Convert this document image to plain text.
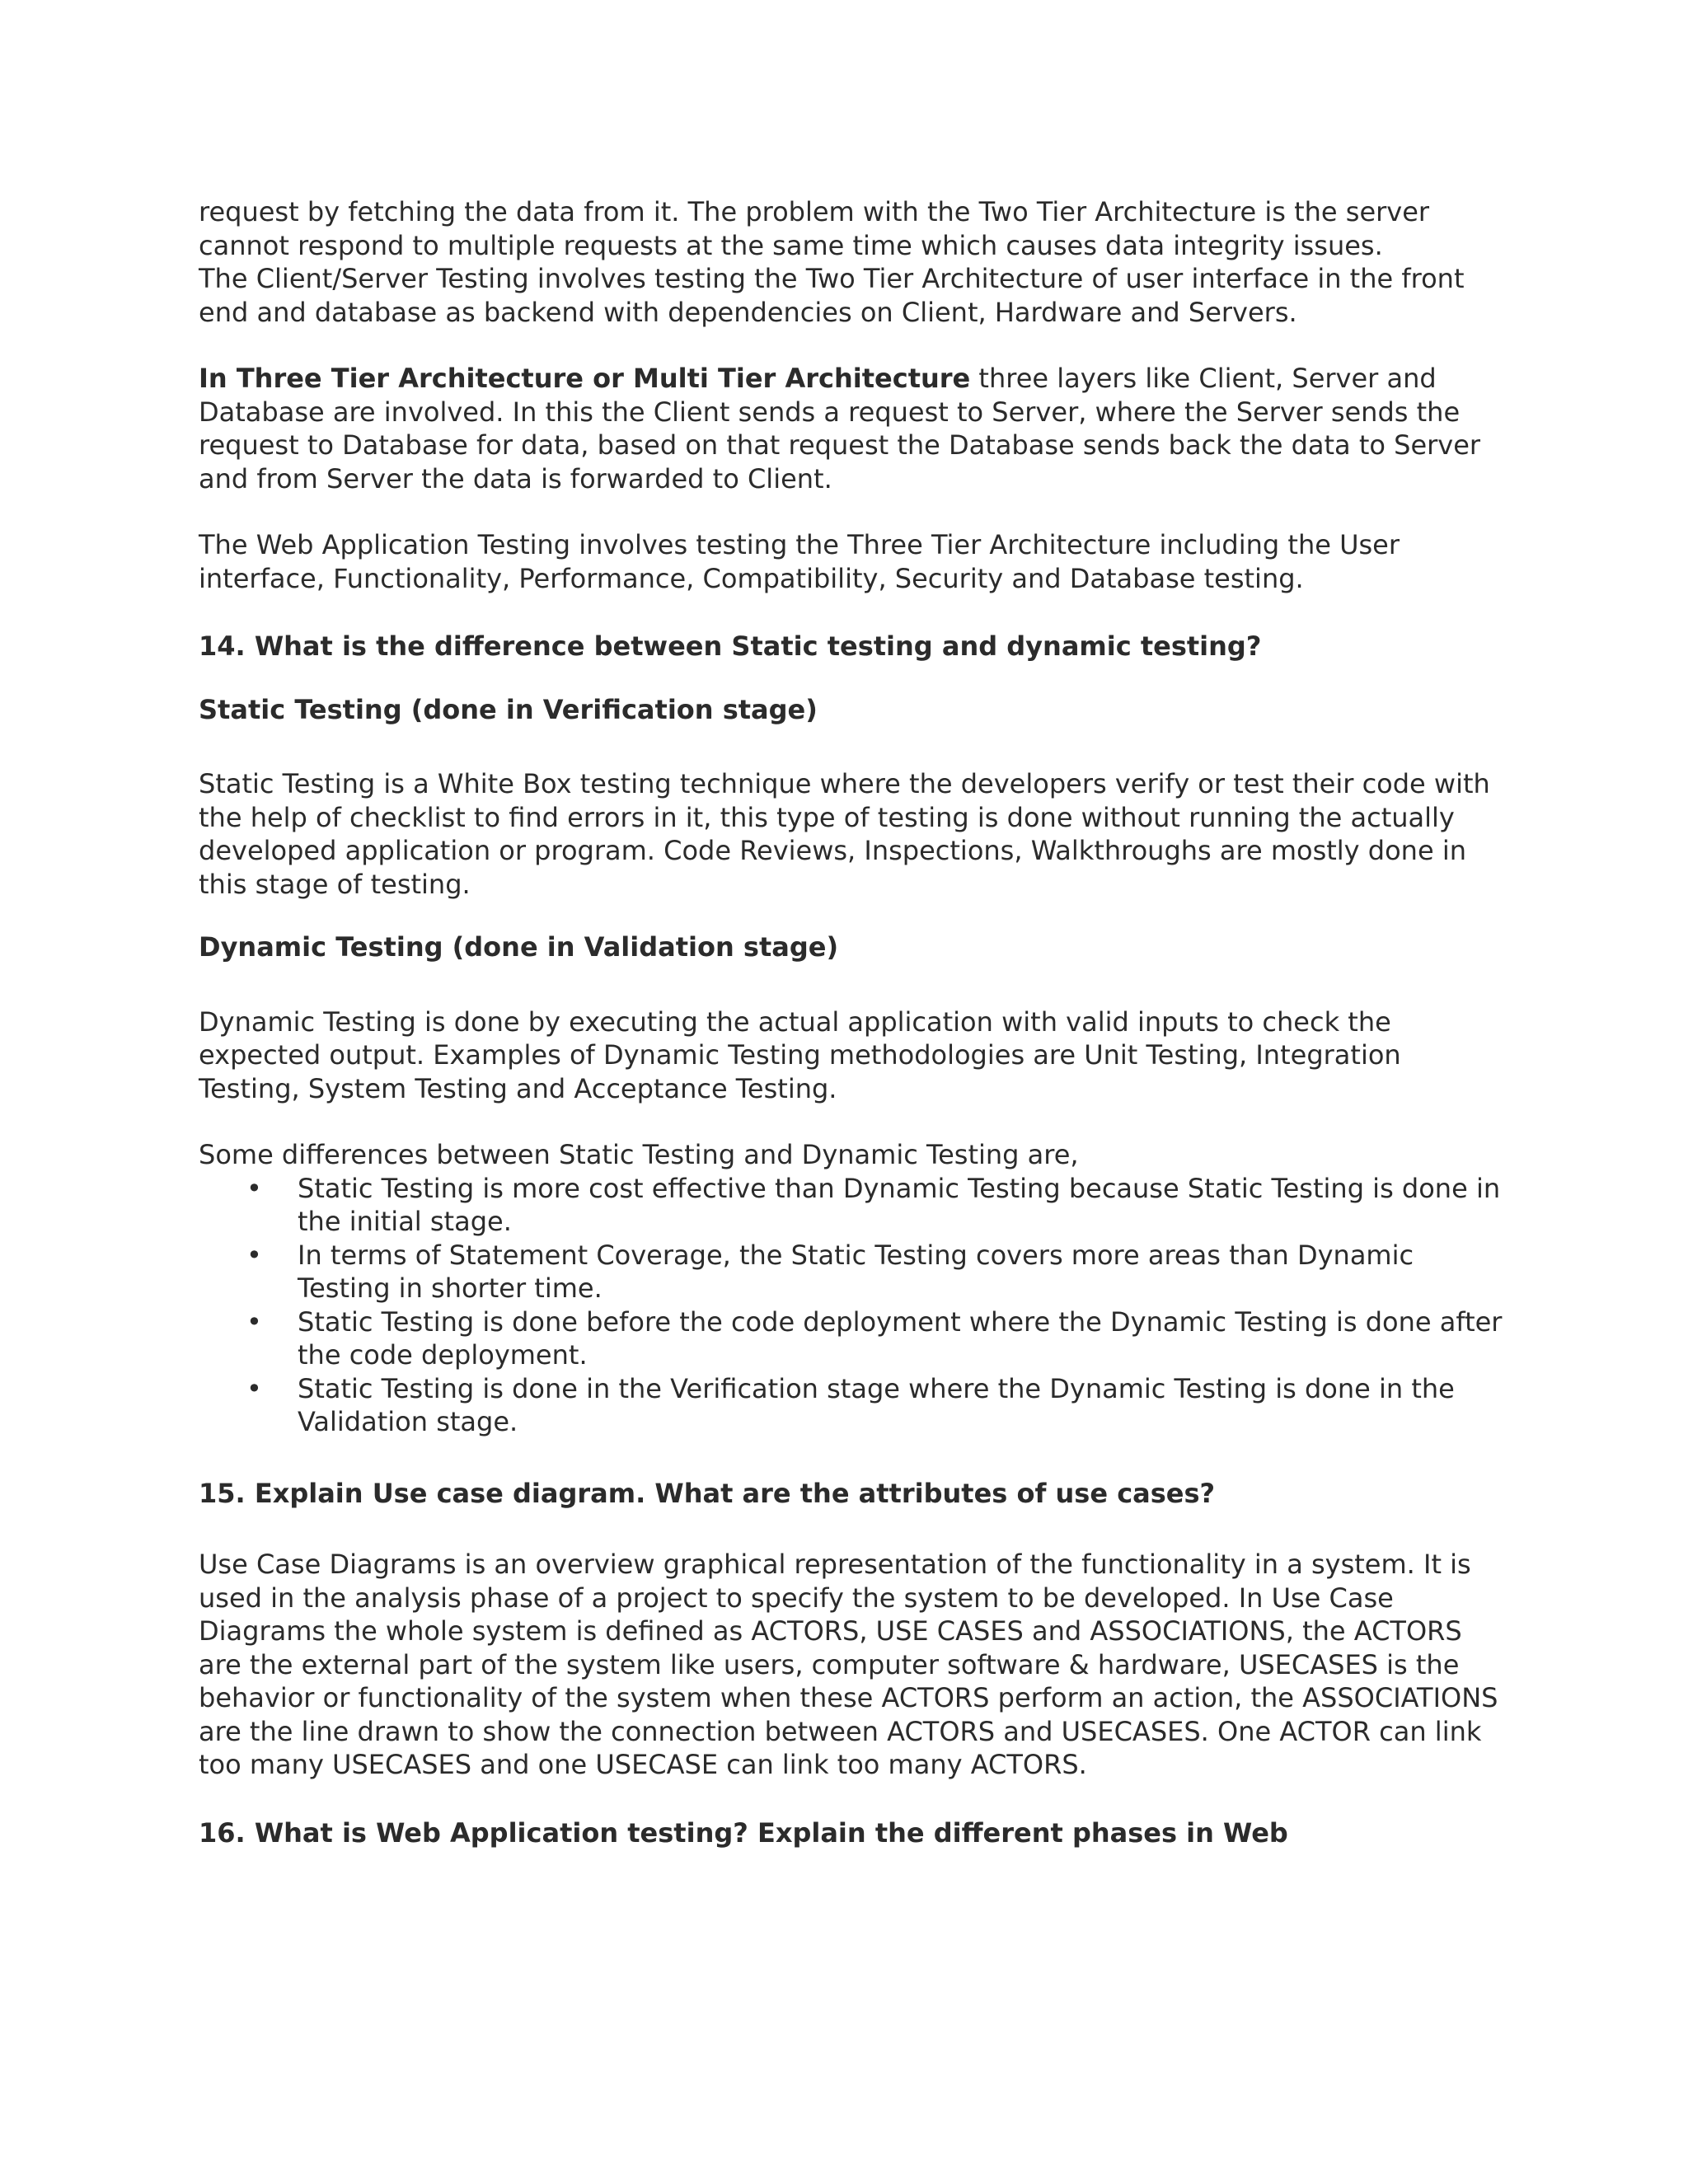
request by fetching the data from it. The problem with the Two Tier Architecture is the server cannot respond to multiple requests at the same time which causes data integrity issues.

The Client/Server Testing involves testing the Two Tier Architecture of user interface in the front end and database as backend with dependencies on Client, Hardware and Servers.

In Three Tier Architecture or Multi Tier Architecture three layers like Client, Server and Database are involved. In this the Client sends a request to Server, where the Server sends the request to Database for data, based on that request the Database sends back the data to Server and from Server the data is forwarded to Client.

The Web Application Testing involves testing the Three Tier Architecture including the User interface, Functionality, Performance, Compatibility, Security and Database testing.

14. What is the difference between Static testing and dynamic testing?

Static Testing (done in Verification stage)

Static Testing is a White Box testing technique where the developers verify or test their code with the help of checklist to find errors in it, this type of testing is done without running the actually developed application or program. Code Reviews, Inspections, Walkthroughs are mostly done in this stage of testing.

Dynamic Testing (done in Validation stage)

Dynamic Testing is done by executing the actual application with valid inputs to check the expected output. Examples of Dynamic Testing methodologies are Unit Testing, Integration Testing, System Testing and Acceptance Testing.

Some differences between Static Testing and Dynamic Testing are,

• Static Testing is more cost effective than Dynamic Testing because Static Testing is done in the initial stage.
• In terms of Statement Coverage, the Static Testing covers more areas than Dynamic Testing in shorter time.
• Static Testing is done before the code deployment where the Dynamic Testing is done after the code deployment.
• Static Testing is done in the Verification stage where the Dynamic Testing is done in the Validation stage.

15. Explain Use case diagram. What are the attributes of use cases?

Use Case Diagrams is an overview graphical representation of the functionality in a system. It is used in the analysis phase of a project to specify the system to be developed. In Use Case Diagrams the whole system is defined as ACTORS, USE CASES and ASSOCIATIONS, the ACTORS are the external part of the system like users, computer software & hardware, USECASES is the behavior or functionality of the system when these ACTORS perform an action, the ASSOCIATIONS are the line drawn to show the connection between ACTORS and USECASES. One ACTOR can link too many USECASES and one USECASE can link too many ACTORS.

16. What is Web Application testing? Explain the different phases in Web
